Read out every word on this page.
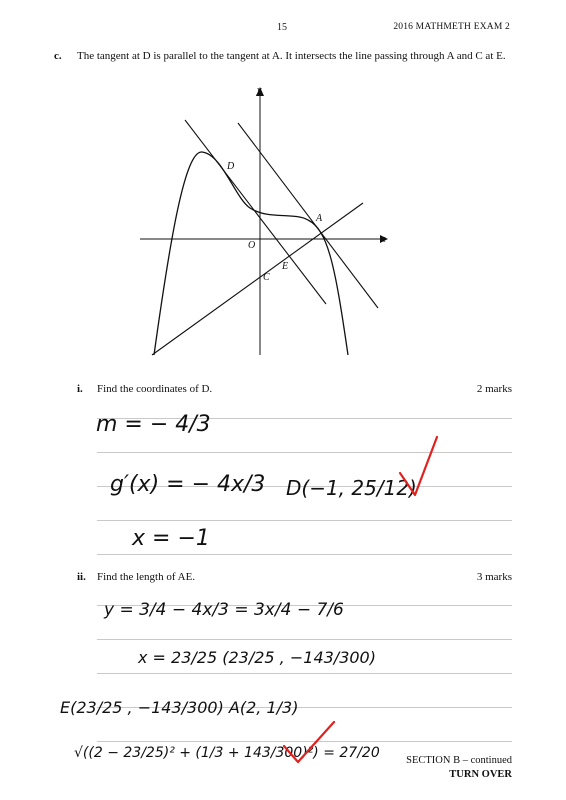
15	2016 MATHMETH EXAM 2
c. The tangent at D is parallel to the tangent at A. It intersects the line passing through A and C at E.
y
x
O
D
A
E
C
i. Find the coordinates of D.	2 marks
m = − 4/3
g′(x) = − 4x/3 D(−1, 25/12)
x = −1
ii. Find the length of AE.	3 marks
y = 3/4 − 4x/3 = 3x/4 − 7/6
x = 23/25 (23/25 , −143/300)
E(23/25 , −143/300) A(2, 1/3)
√((2 − 23/25)² + (1/3 + 143/300)²) = 27/20	SECTION B – continued
TURN OVER
